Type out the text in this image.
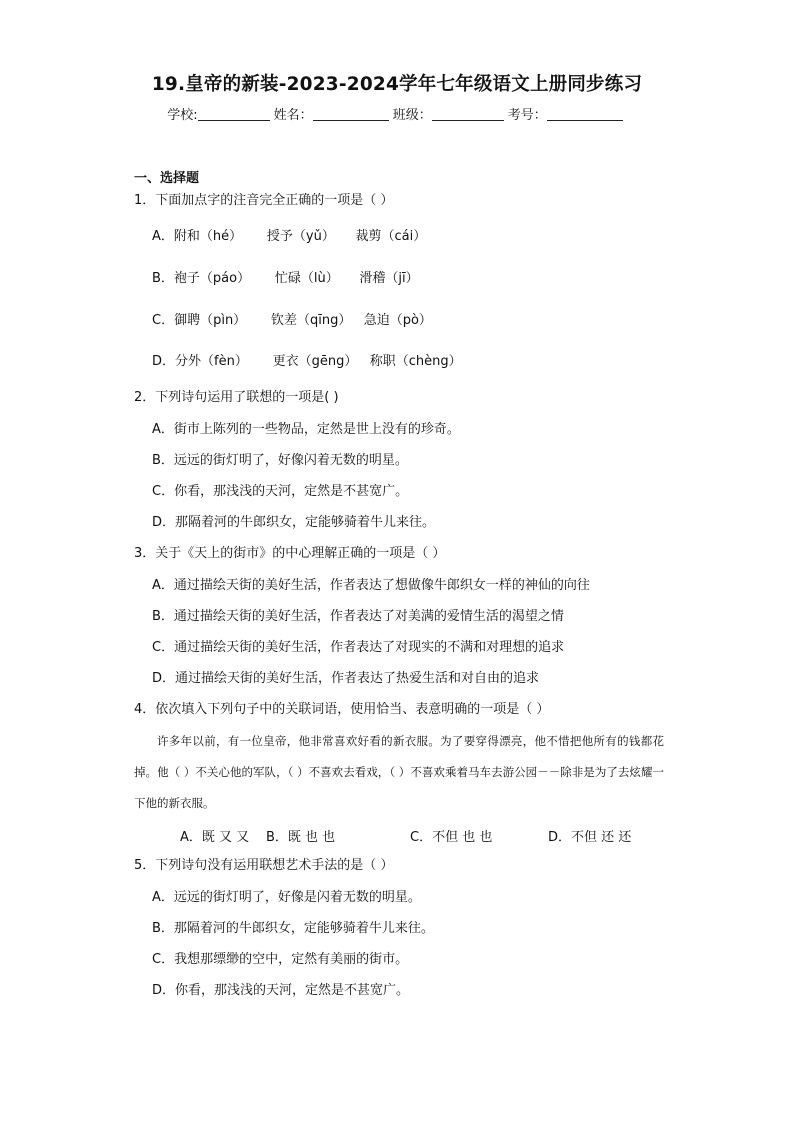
19.皇帝的新装-2023-2024学年七年级语文上册同步练习
学校:	姓名：	班级：	考号：
一、选择题
1．下面加点字的注音完全正确的一项是（ ）
A．附和（hé）      授予（yǔ）     裁剪（cái）
B．袍子（páo）      忙碌（lù）     滑稽（jī）
C．御聘（pìn）      钦差（qīng）   急迫（pò）
D．分外（fèn）      更衣（gēng）   称职（chèng）
2．下列诗句运用了联想的一项是( )
A．街市上陈列的一些物品，定然是世上没有的珍奇。
B．远远的街灯明了，好像闪着无数的明星。
C．你看，那浅浅的天河，定然是不甚宽广。
D．那隔着河的牛郎织女，定能够骑着牛儿来往。
3．关于《天上的街市》的中心理解正确的一项是（ ）
A．通过描绘天街的美好生活，作者表达了想做像牛郎织女一样的神仙的向往
B．通过描绘天街的美好生活，作者表达了对美满的爱情生活的渴望之情
C．通过描绘天街的美好生活，作者表达了对现实的不满和对理想的追求
D．通过描绘天街的美好生活，作者表达了热爱生活和对自由的追求
4．依次填入下列句子中的关联词语，使用恰当、表意明确的一项是（ ）

许多年以前，有一位皇帝，他非常喜欢好看的新衣服。为了要穿得漂亮，他不惜把他所有的钱都花掉。他（ ）不关心他的军队，（ ）不喜欢去看戏，（ ）不喜欢乘着马车去游公园－－除非是为了去炫耀一下他的新衣服。

A．既 又 又 B．既 也 也	C．不但 也 也	D．不但 还 还
5．下列诗句没有运用联想艺术手法的是（ ）
A．远远的街灯明了，好像是闪着无数的明星。
B．那隔着河的牛郎织女，定能够骑着牛儿来往。
C．我想那缥缈的空中，定然有美丽的街市。
D．你看，那浅浅的天河，定然是不甚宽广。
